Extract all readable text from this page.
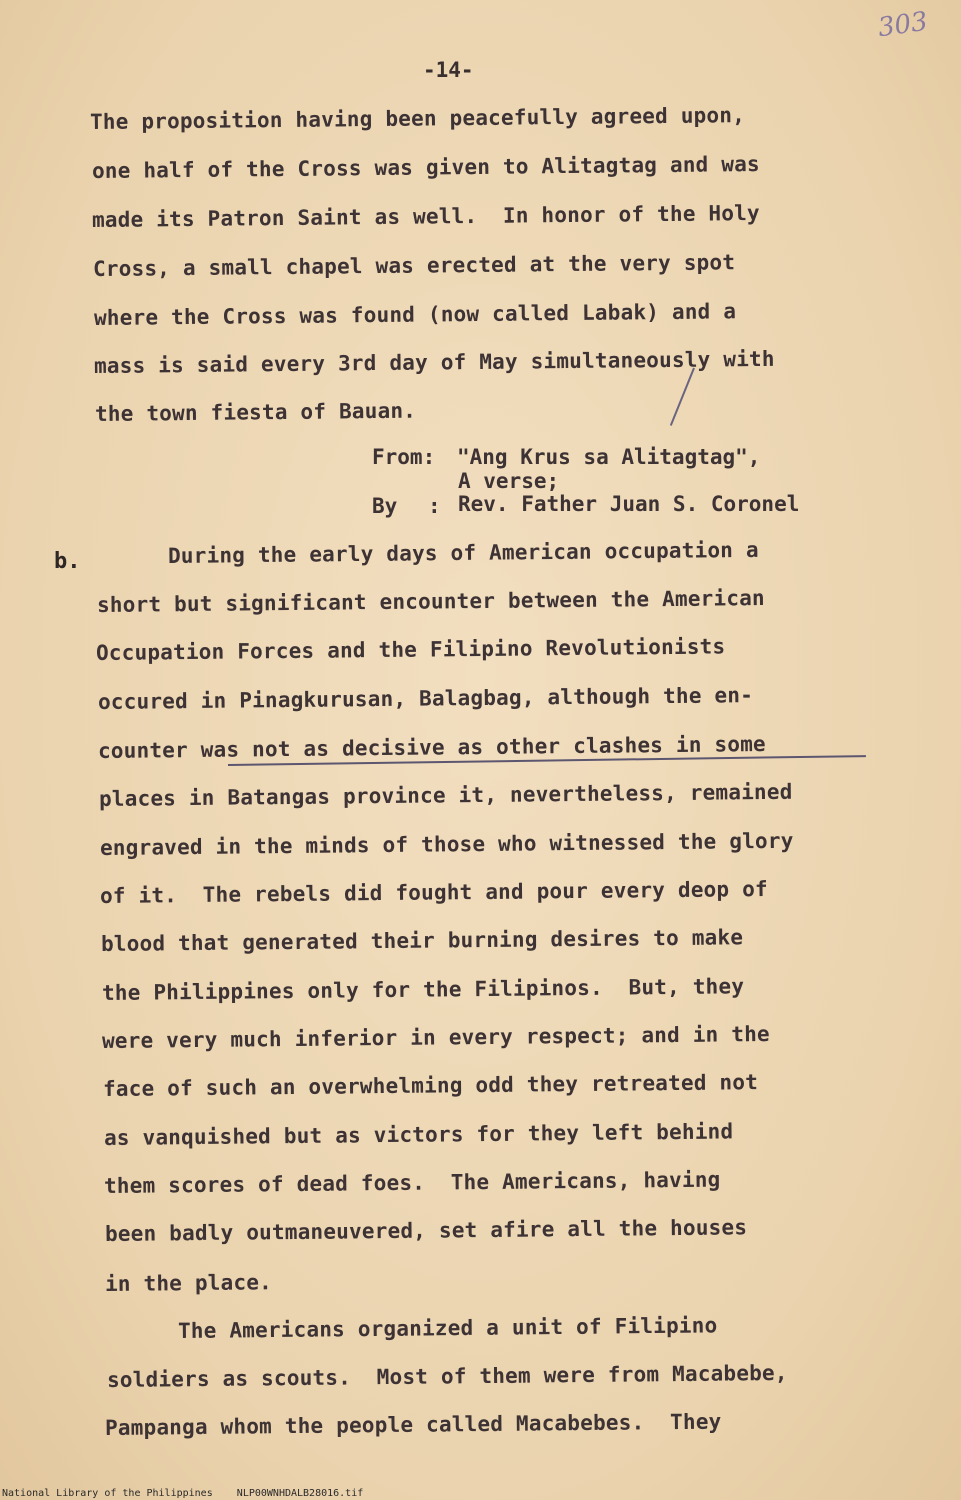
303
-14-
The proposition having been peacefully agreed upon,
one half of the Cross was given to Alitagtag and was
made its Patron Saint as well.  In honor of the Holy
Cross, a small chapel was erected at the very spot
where the Cross was found (now called Labak) and a
mass is said every 3rd day of May simultaneously with
the town fiesta of Bauan.
From: "Ang Krus sa Alitagtag",
A verse;
By : Rev. Father Juan S. Coronel
b.	During the early days of American occupation a
short but significant encounter between the American
Occupation Forces and the Filipino Revolutionists
occured in Pinagkurusan, Balagbag, although the en-
counter was not as decisive as other clashes in some
places in Batangas province it, nevertheless, remained
engraved in the minds of those who witnessed the glory
of it.  The rebels did fought and pour every deop of
blood that generated their burning desires to make
the Philippines only for the Filipinos.  But, they
were very much inferior in every respect; and in the
face of such an overwhelming odd they retreated not
as vanquished but as victors for they left behind
them scores of dead foes.  The Americans, having
been badly outmaneuvered, set afire all the houses
in the place.
The Americans organized a unit of Filipino
soldiers as scouts.  Most of them were from Macabebe,
Pampanga whom the people called Macabebes.  They
National Library of the Philippines    NLP00WNHDALB28016.tif
